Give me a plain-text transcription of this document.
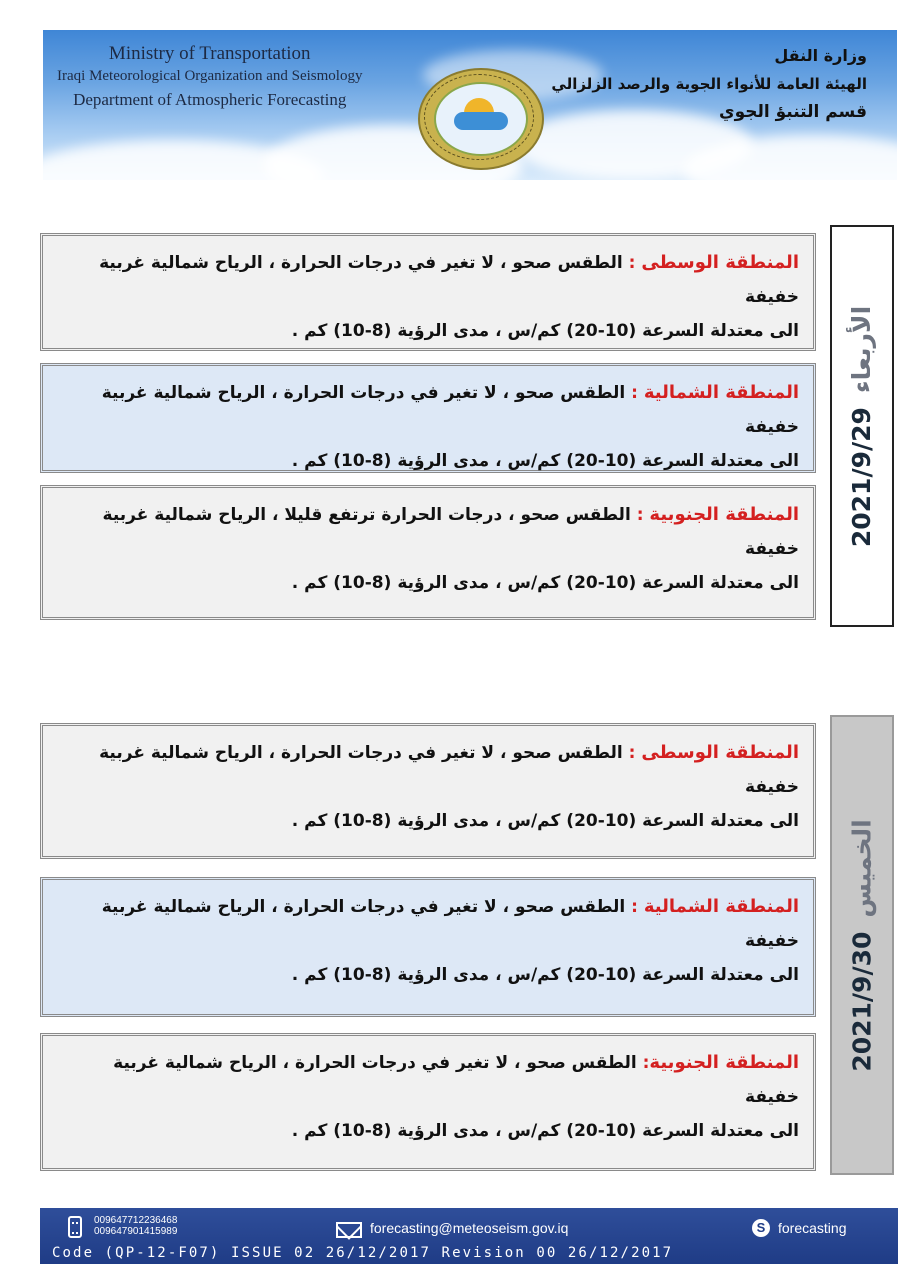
Ministry of Transportation
Iraqi Meteorological Organization and Seismology
Department of Atmospheric Forecasting
وزارة النقل
الهيئة العامة للأنواء الجوية والرصد الزلزالي
قسم التنبؤ الجوي
المنطقة الوسطى : الطقس صحو ، لا تغير في درجات الحرارة ، الرياح شمالية غربية خفيفة
الى معتدلة السرعة (10-20) كم/س ، مدى الرؤية (8-10) كم .
المنطقة الشمالية : الطقس صحو ، لا تغير في درجات الحرارة ، الرياح شمالية غربية خفيفة
الى معتدلة السرعة (10-20) كم/س ، مدى الرؤية (8-10) كم .
المنطقة الجنوبية : الطقس صحو ، درجات الحرارة ترتفع قليلا ، الرياح شمالية غربية خفيفة
الى معتدلة السرعة (10-20) كم/س ، مدى الرؤية (8-10) كم .
الأربعاء2021/9/29
المنطقة الوسطى : الطقس صحو ، لا تغير في درجات الحرارة ، الرياح شمالية غربية خفيفة
الى معتدلة السرعة (10-20) كم/س ، مدى الرؤية (8-10) كم .
المنطقة الشمالية : الطقس صحو ، لا تغير في درجات الحرارة ، الرياح شمالية غربية خفيفة
الى معتدلة السرعة (10-20) كم/س ، مدى الرؤية (8-10) كم .
المنطقة الجنوبية: الطقس صحو ، لا تغير في درجات الحرارة ، الرياح شمالية غربية خفيفة
الى معتدلة السرعة (10-20) كم/س ، مدى الرؤية (8-10) كم .
الخميس2021/9/30
009647712236468
009647901415989	forecasting@meteoseism.gov.iq	S forecasting
Code (QP-12-F07) ISSUE 02 26/12/2017 Revision 00 26/12/2017
